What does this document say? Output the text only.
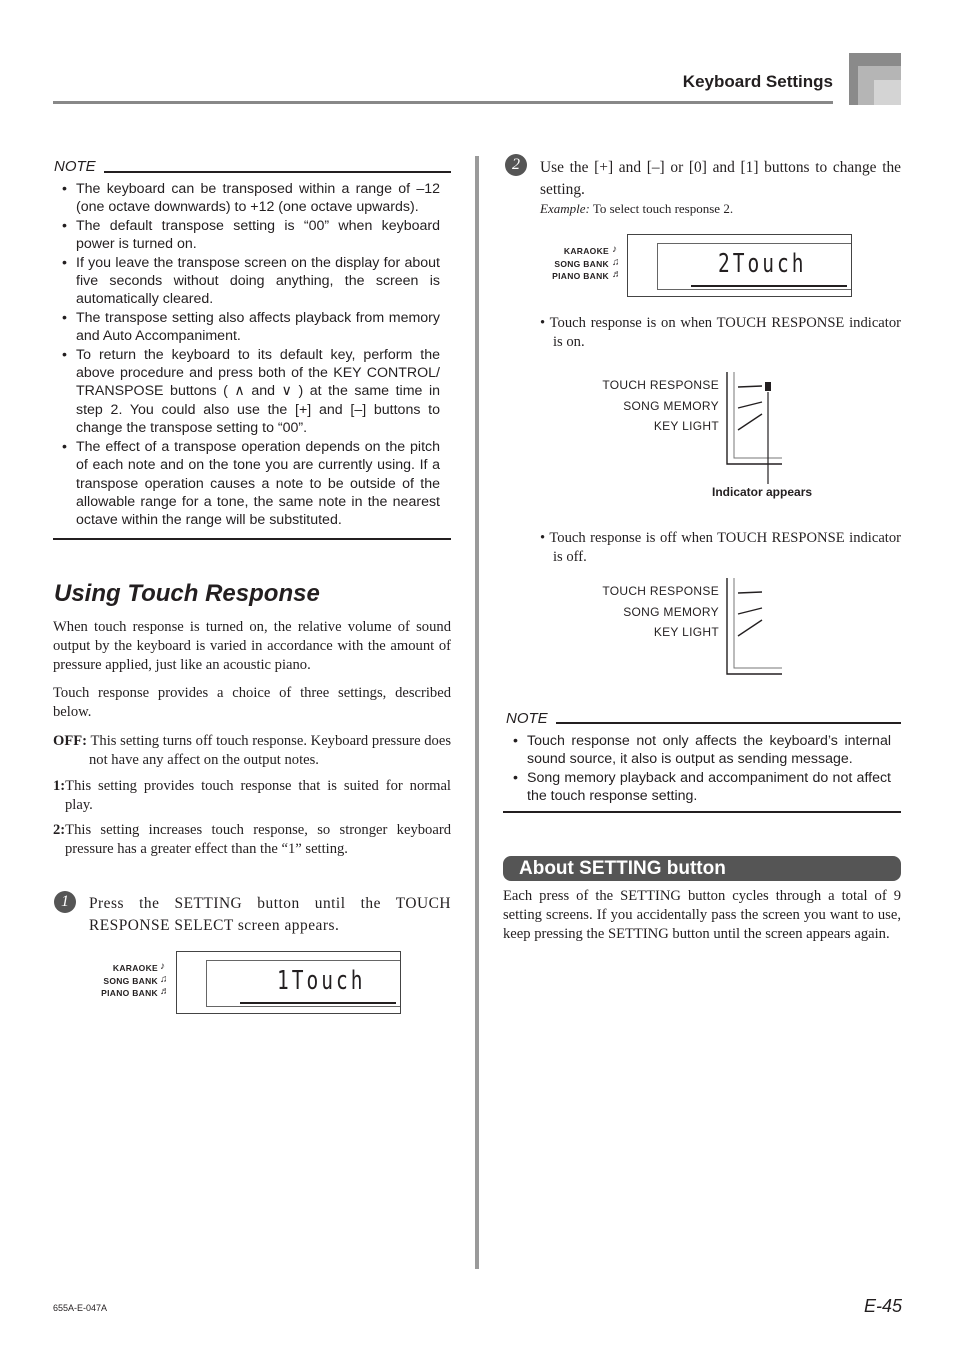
Keyboard Settings
NOTE
• The keyboard can be transposed within a range of –12 (one octave downwards) to +12 (one octave upwards).
• The default transpose setting is “00” when keyboard power is turned on.
• If you leave the transpose screen on the display for about five seconds without doing anything, the screen is automatically cleared.
• The transpose setting also affects playback from memory and Auto Accompaniment.
• To return the keyboard to its default key, perform the above procedure and press both of the KEY CONTROL/ TRANSPOSE buttons ( ∧ and ∨ ) at the same time in step 2. You could also use the [+] and [–] buttons to change the transpose setting to “00”.
• The effect of a transpose operation depends on the pitch of each note and on the tone you are currently using. If a transpose operation causes a note to be outside of the allowable range for a tone, the same note in the nearest octave within the range will be substituted.
Using Touch Response
When touch response is turned on, the relative volume of sound output by the keyboard is varied in accordance with the amount of pressure applied, just like an acoustic piano.
Touch response provides a choice of three settings, described below.
OFF: This setting turns off touch response. Keyboard pressure does not have any affect on the output notes.
1:This setting provides touch response that is suited for normal play.
2:This setting increases touch response, so stronger keyboard pressure has a greater effect than the “1” setting.
1	Press the SETTING button until the TOUCH RESPONSE SELECT screen appears.
KARAOKE
SONG BANK
PIANO BANK
♪
♫
♬	1Touch
2	Use the [+] and [–] or [0] and [1] buttons to change the setting.
Example: To select touch response 2.
KARAOKE
SONG BANK
PIANO BANK
♪
♫
♬	2Touch
• Touch response is on when TOUCH RESPONSE indicator is on.
TOUCH RESPONSE
SONG MEMORY
KEY LIGHT
Indicator appears
• Touch response is off when TOUCH RESPONSE indicator is off.
TOUCH RESPONSE
SONG MEMORY
KEY LIGHT
NOTE
• Touch response not only affects the keyboard’s internal sound source, it also is output as sending message.
• Song memory playback and accompaniment do not affect the touch response setting.
About SETTING button
Each press of the SETTING button cycles through a total of 9 setting screens. If you accidentally pass the screen you want to use, keep pressing the SETTING button until the screen appears again.
655A-E-047A	E-45
